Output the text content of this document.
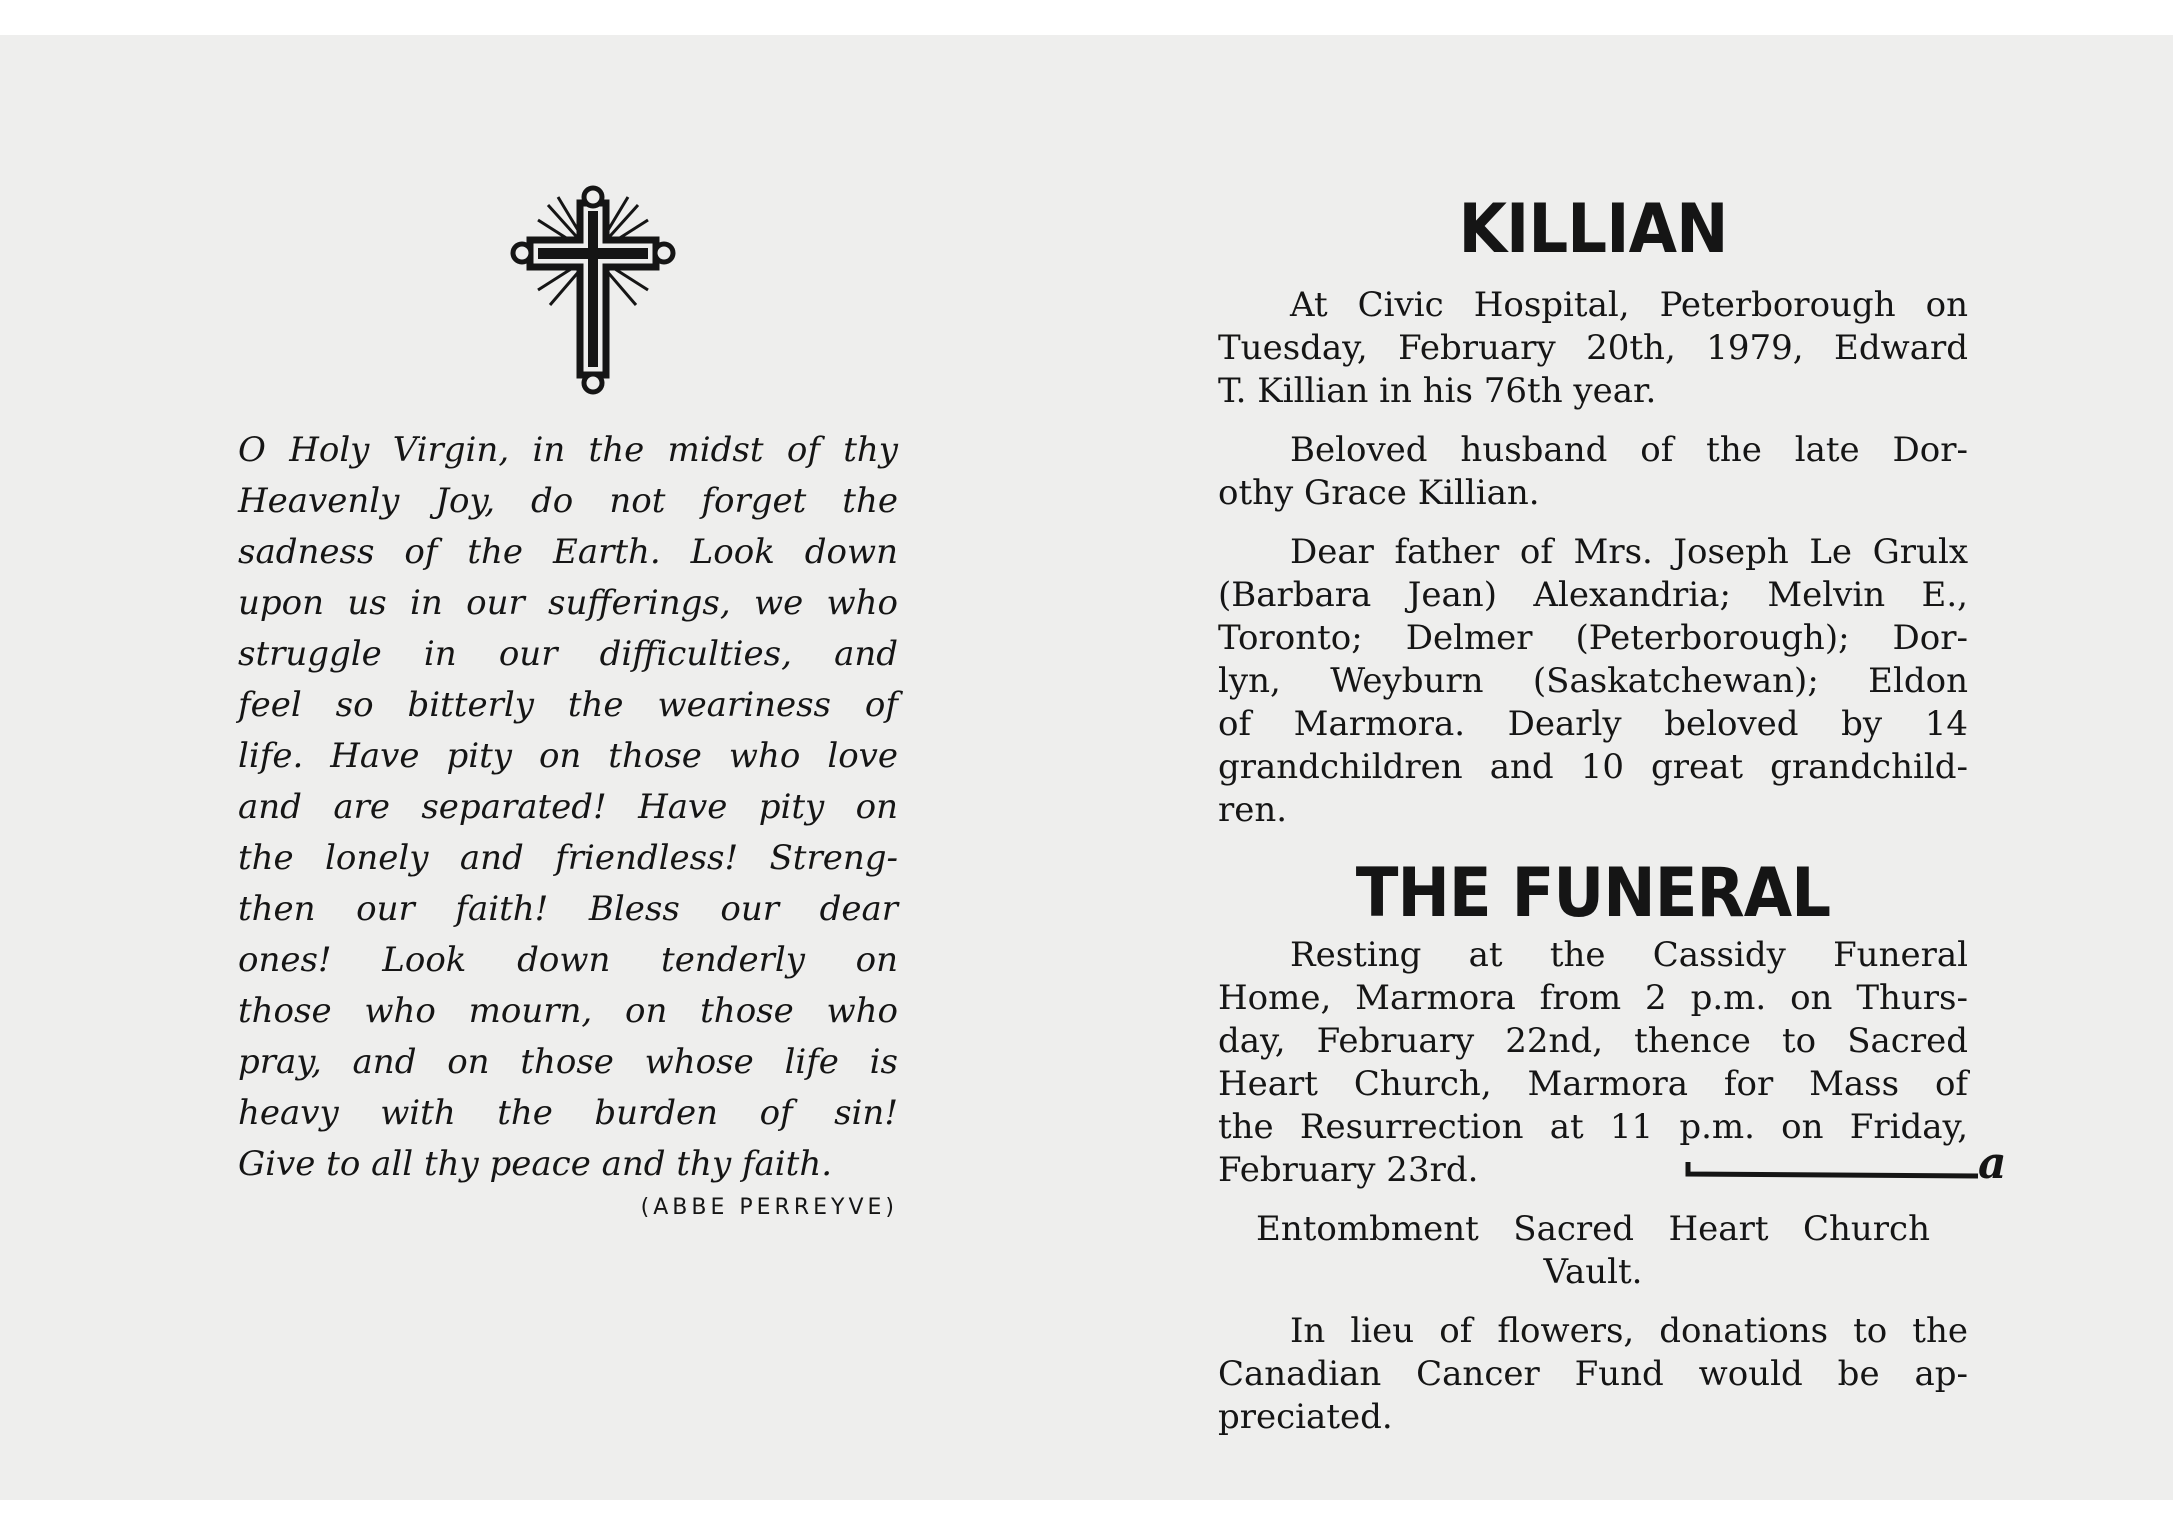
O Holy Virgin, in the midst of thy
Heavenly Joy, do not forget the
sadness of the Earth. Look down
upon us in our sufferings, we who
struggle in our difficulties, and
feel so bitterly the weariness of
life. Have pity on those who love
and are separated! Have pity on
the lonely and friendless! Streng-
then our faith! Bless our dear
ones! Look down tenderly on
those who mourn, on those who
pray, and on those whose life is
heavy with the burden of sin!
Give to all thy peace and thy faith.

(ABBE PERREYVE)
KILLIAN

At Civic Hospital, Peterborough on
Tuesday, February 20th, 1979, Edward
T. Killian in his 76th year.

Beloved husband of the late Dor-
othy Grace Killian.

Dear father of Mrs. Joseph Le Grulx
(Barbara Jean) Alexandria; Melvin E.,
Toronto; Delmer (Peterborough); Dor-
lyn, Weyburn (Saskatchewan); Eldon
of Marmora. Dearly beloved by 14
grandchildren and 10 great grandchild-
ren.

THE FUNERAL

Resting at the Cassidy Funeral
Home, Marmora from 2 p.m. on Thurs-
day, February 22nd, thence to Sacred
Heart Church, Marmora for Mass of
the Resurrection at 11 p.m. on Friday,
February 23rd.	a

Entombment Sacred Heart Church
Vault.

In lieu of flowers, donations to the
Canadian Cancer Fund would be ap-
preciated.
